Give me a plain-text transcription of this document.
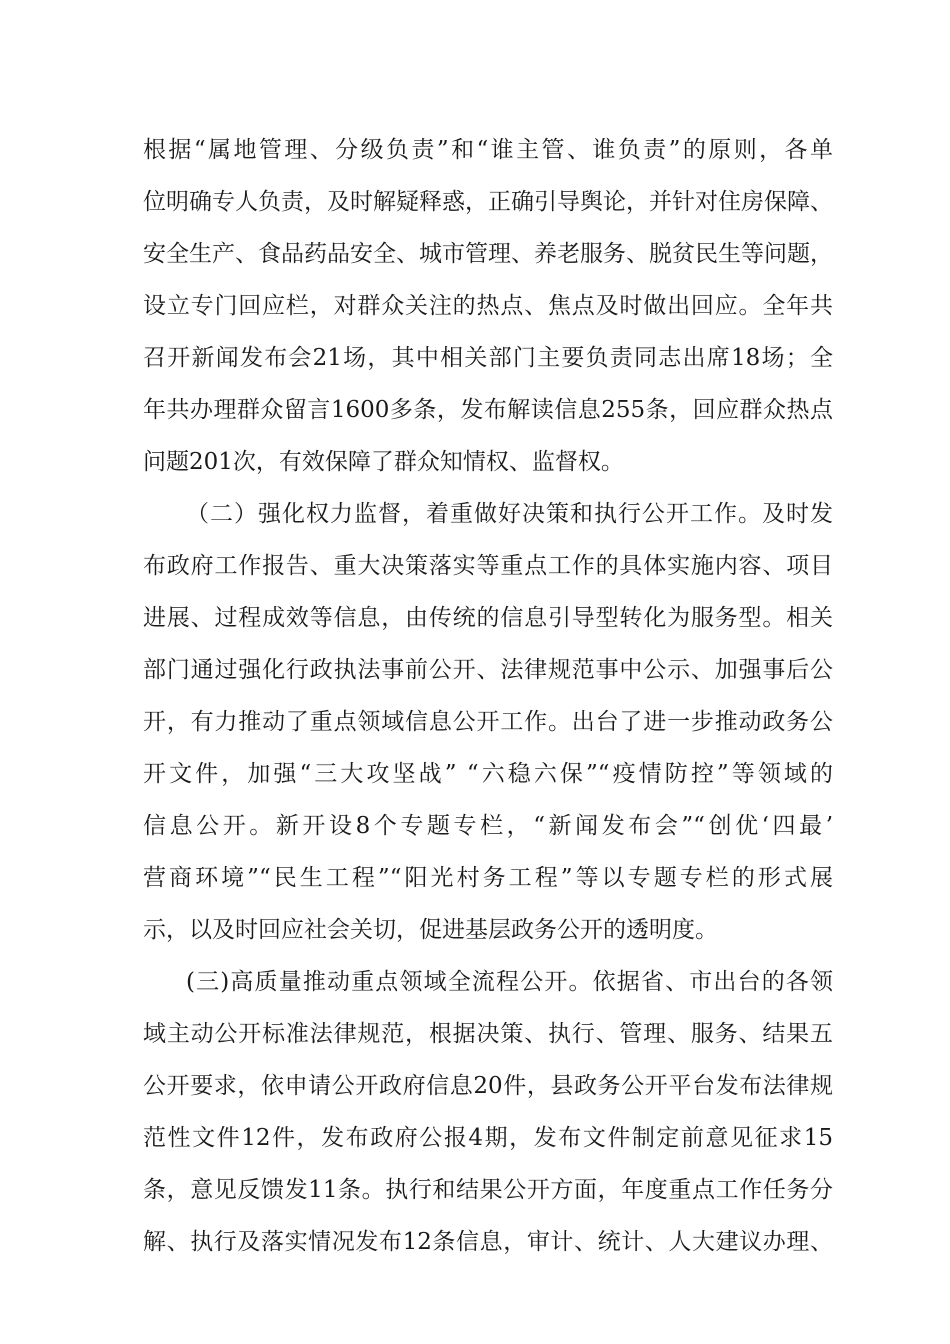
根据“属地管理、分级负责”和“谁主管、谁负责”的原则，各单
位明确专人负责，及时解疑释惑，正确引导舆论，并针对住房保障、
安全生产、食品药品安全、城市管理、养老服务、脱贫民生等问题，
设立专门回应栏，对群众关注的热点、焦点及时做出回应。全年共
召开新闻发布会21场，其中相关部门主要负责同志出席18场；全
年共办理群众留言1600多条，发布解读信息255条，回应群众热点
问题201次，有效保障了群众知情权、监督权。
（二）强化权力监督，着重做好决策和执行公开工作。及时发
布政府工作报告、重大决策落实等重点工作的具体实施内容、项目
进展、过程成效等信息，由传统的信息引导型转化为服务型。相关
部门通过强化行政执法事前公开、法律规范事中公示、加强事后公
开，有力推动了重点领域信息公开工作。出台了进一步推动政务公
开文件，加强“三大攻坚战” “六稳六保”“疫情防控”等领域的
信息公开。新开设8个专题专栏，“新闻发布会”“创优‘四最’
营商环境”“民生工程”“阳光村务工程”等以专题专栏的形式展
示，以及时回应社会关切，促进基层政务公开的透明度。
(三)高质量推动重点领域全流程公开。依据省、市出台的各领
域主动公开标准法律规范，根据决策、执行、管理、服务、结果五
公开要求，依申请公开政府信息20件，县政务公开平台发布法律规
范性文件12件，发布政府公报4期，发布文件制定前意见征求15
条，意见反馈发11条。执行和结果公开方面，年度重点工作任务分
解、执行及落实情况发布12条信息，审计、统计、人大建议办理、
